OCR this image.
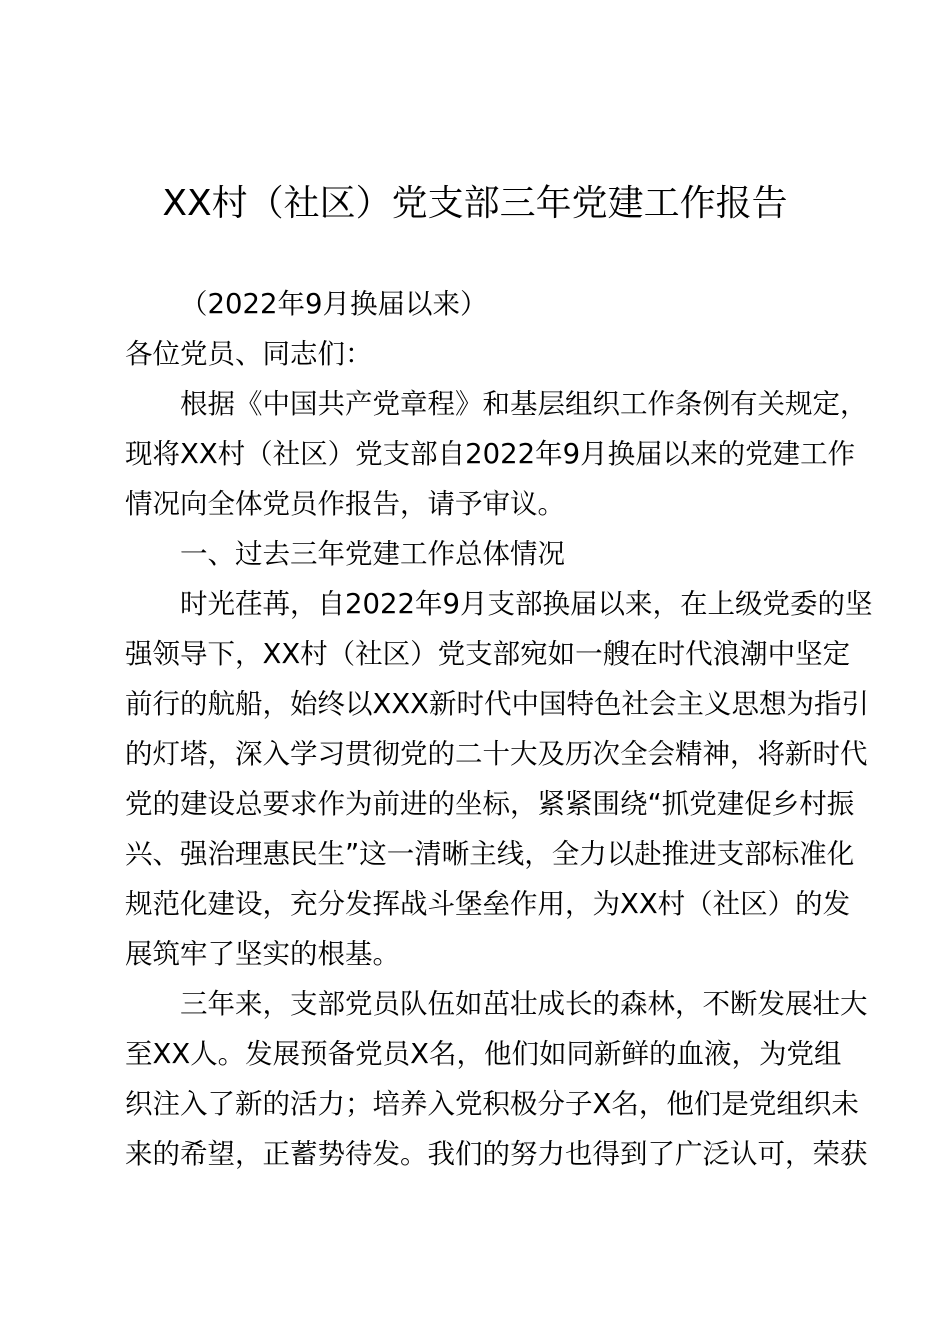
XX村（社区）党支部三年党建工作报告
（2022年9月换届以来）
各位党员、同志们：
根据《中国共产党章程》和基层组织工作条例有关规定，
现将XX村（社区）党支部自2022年9月换届以来的党建工作
情况向全体党员作报告，请予审议。
一、过去三年党建工作总体情况
时光荏苒，自2022年9月支部换届以来，在上级党委的坚
强领导下，XX村（社区）党支部宛如一艘在时代浪潮中坚定
前行的航船，始终以XXX新时代中国特色社会主义思想为指引
的灯塔，深入学习贯彻党的二十大及历次全会精神，将新时代
党的建设总要求作为前进的坐标，紧紧围绕“抓党建促乡村振
兴、强治理惠民生”这一清晰主线，全力以赴推进支部标准化
规范化建设，充分发挥战斗堡垒作用，为XX村（社区）的发
展筑牢了坚实的根基。
三年来，支部党员队伍如茁壮成长的森林，不断发展壮大
至XX人。发展预备党员X名，他们如同新鲜的血液，为党组
织注入了新的活力；培养入党积极分子X名，他们是党组织未
来的希望，正蓄势待发。我们的努力也得到了广泛认可，荣获
